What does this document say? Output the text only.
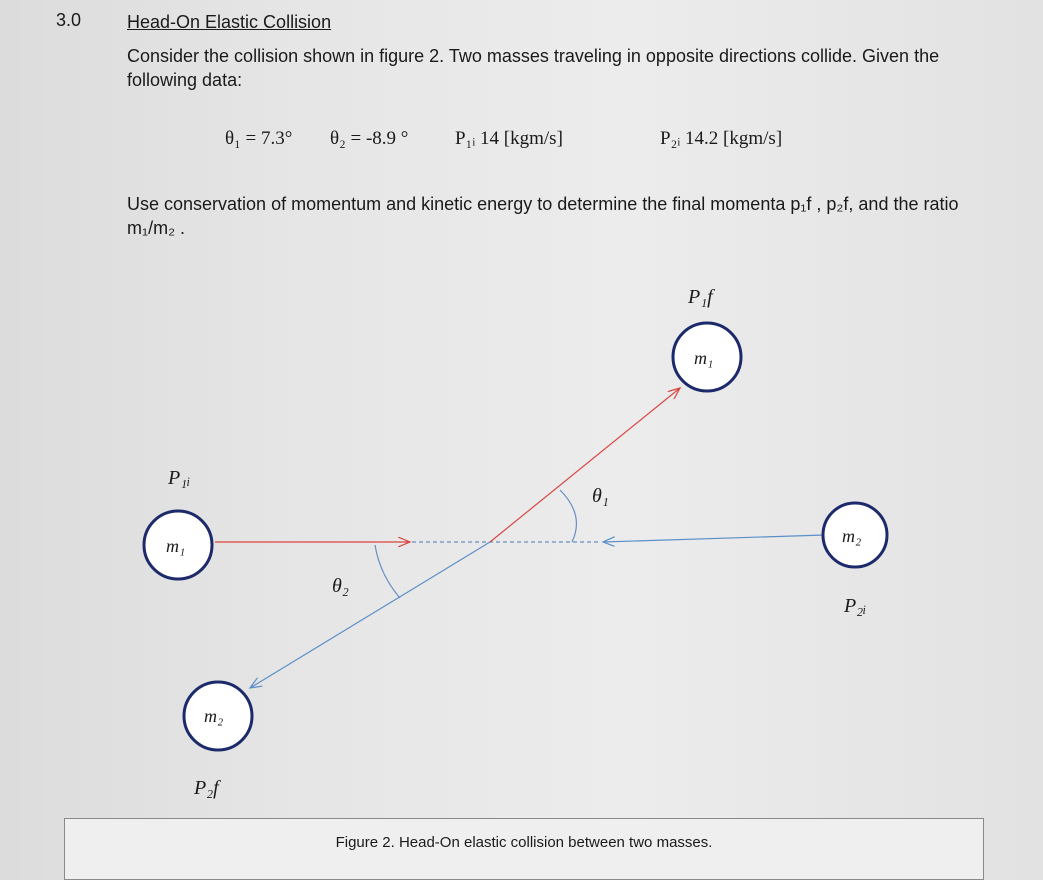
3.0	Head-On Elastic Collision
Consider the collision shown in figure 2. Two masses traveling in opposite directions collide. Given the following data:
θ₁ = 7.3° θ₂ = -8.9 ° P₁ᵢ 14 [kgm/s]	P₂ᵢ 14.2 [kgm/s]
Use conservation of momentum and kinetic energy to determine the final momenta p₁f , p₂f, and the ratio m₁/m₂ .
m₁
m₁
m₂
m₂
P₁f
P₁ᵢ
P₂ᵢ
P₂f
θ₁
θ₂
Figure 2. Head-On elastic collision between two masses.
